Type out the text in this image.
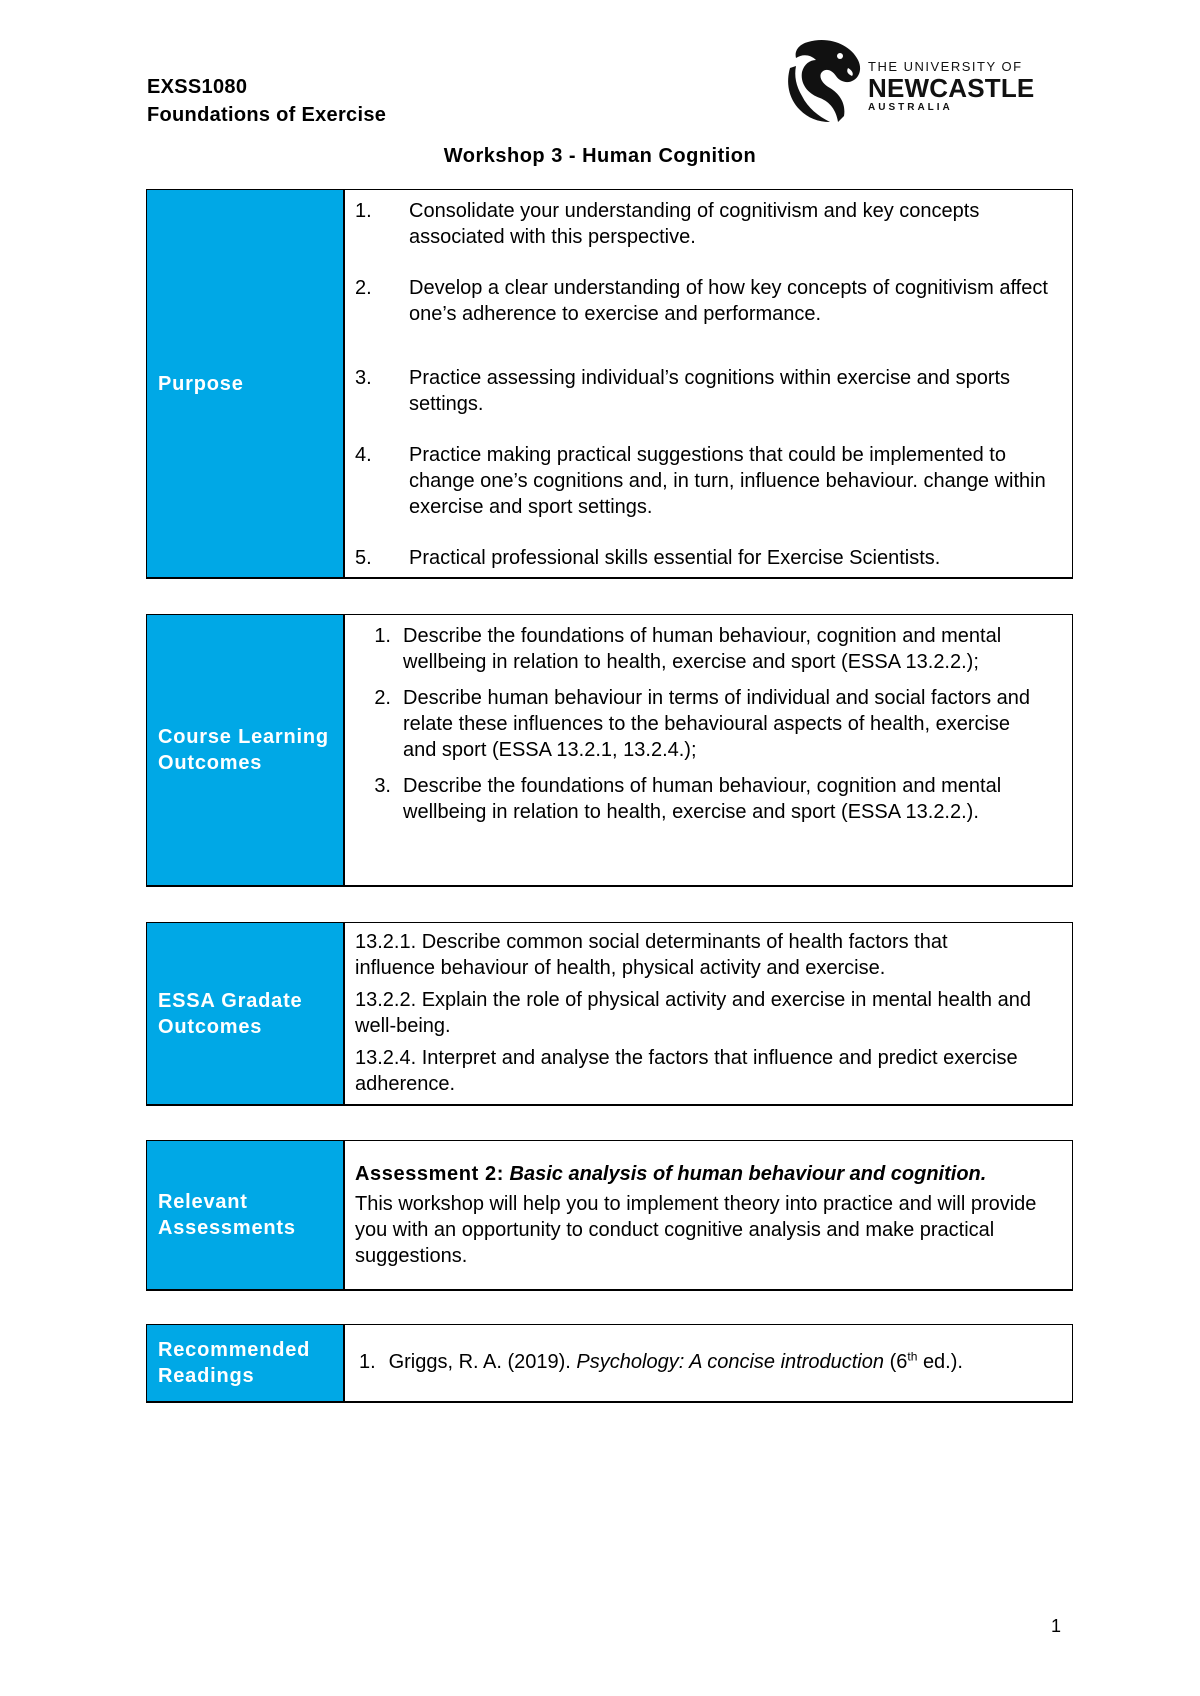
EXSS1080
Foundations of Exercise
THE UNIVERSITY OF
NEWCASTLE
AUSTRALIA
Workshop 3 - Human Cognition
Purpose
1.	Consolidate your understanding of cognitivism and key concepts associated with this perspective.
2.	Develop a clear understanding of how key concepts of cognitivism affect one’s adherence to exercise and performance.
3.	Practice assessing individual’s cognitions within exercise and sports settings.
4.	Practice making practical suggestions that could be implemented to change one’s cognitions and, in turn, influence behaviour. change within exercise and sport settings.
5.	Practical professional skills essential for Exercise Scientists.
Course Learning Outcomes
1. Describe the foundations of human behaviour, cognition and mental wellbeing in relation to health, exercise and sport (ESSA 13.2.2.);
2. Describe human behaviour in terms of individual and social factors and relate these influences to the behavioural aspects of health, exercise and sport (ESSA 13.2.1, 13.2.4.);
3. Describe the foundations of human behaviour, cognition and mental wellbeing in relation to health, exercise and sport (ESSA 13.2.2.).
ESSA Gradate Outcomes
13.2.1. Describe common social determinants of health factors that influence behaviour of health, physical activity and exercise.
13.2.2. Explain the role of physical activity and exercise in mental health and well-being.
13.2.4. Interpret and analyse the factors that influence and predict exercise adherence.
Relevant Assessments
Assessment 2: Basic analysis of human behaviour and cognition.
This workshop will help you to implement theory into practice and will provide you with an opportunity to conduct cognitive analysis and make practical suggestions.
Recommended Readings
1. Griggs, R. A. (2019). Psychology: A concise introduction (6th ed.).
1
